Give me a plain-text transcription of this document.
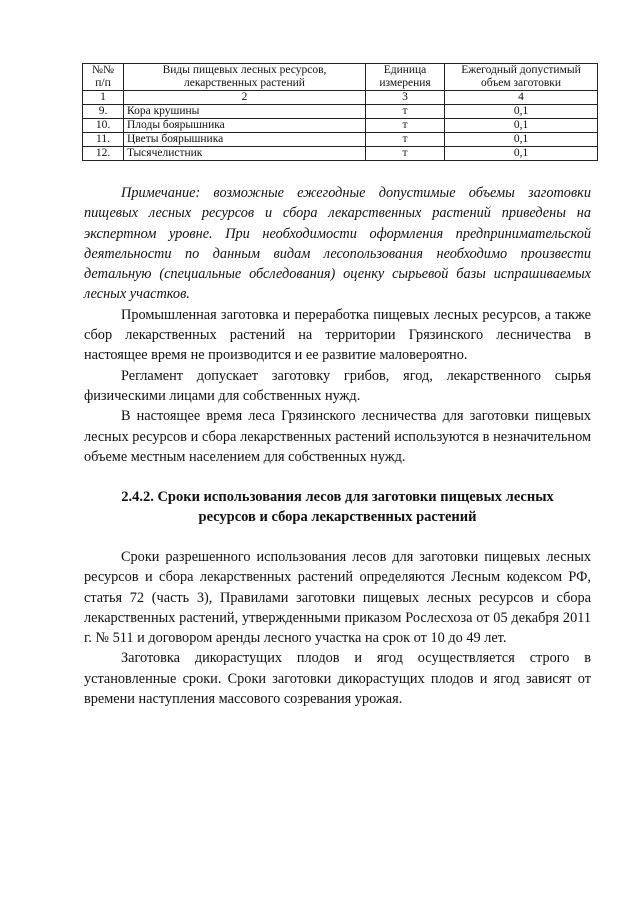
№№ п/п	Виды пищевых лесных ресурсов, лекарственных растений	Единица измерения	Ежегодный допустимый объем заготовки
1	2	3	4
9.	Кора крушины	т	0,1
10.	Плоды боярышника	т	0,1
11.	Цветы боярышника	т	0,1
12.	Тысячелистник	т	0,1

Примечание: возможные ежегодные допустимые объемы заготовки пищевых лесных ресурсов и сбора лекарственных растений приведены на экспертном уровне. При необходимости оформления предпринимательской деятельности по данным видам лесопользования необходимо произвести детальную (специальные обследования) оценку сырьевой базы испрашиваемых лесных участков.

Промышленная заготовка и переработка пищевых лесных ресурсов, а также сбор лекарственных растений на территории Грязинского лесничества в настоящее время не производится и ее развитие маловероятно.

Регламент допускает заготовку грибов, ягод, лекарственного сырья физическими лицами для собственных нужд.

В настоящее время леса Грязинского лесничества для заготовки пищевых лесных ресурсов и сбора лекарственных растений используются в незначительном объеме местным населением для собственных нужд.

2.4.2. Сроки использования лесов для заготовки пищевых лесных
ресурсов и сбора лекарственных растений

Сроки разрешенного использования лесов для заготовки пищевых лесных ресурсов и сбора лекарственных растений определяются Лесным кодексом РФ, статья 72 (часть 3), Правилами заготовки пищевых лесных ресурсов и сбора лекарственных растений, утвержденными приказом Рослесхоза от 05 декабря 2011 г. № 511 и договором аренды лесного участка на срок от 10 до 49 лет.

Заготовка дикорастущих плодов и ягод осуществляется строго в установленные сроки. Сроки заготовки дикорастущих плодов и ягод зависят от времени наступления массового созревания урожая.
